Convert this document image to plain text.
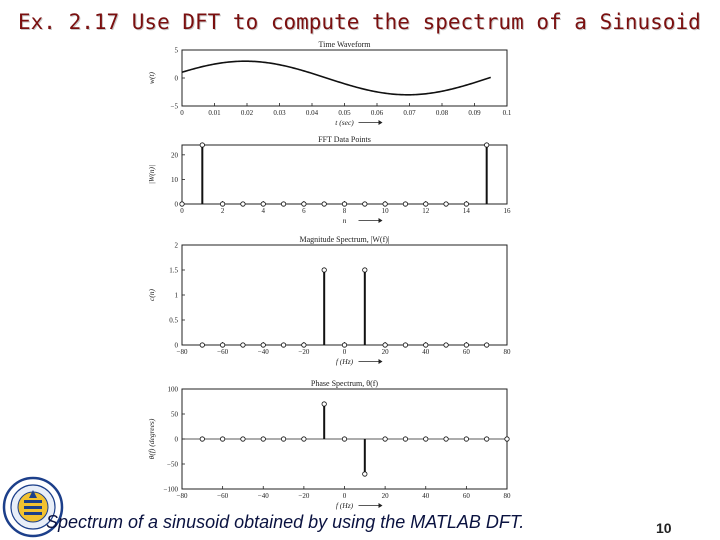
Ex. 2.17 Use DFT to compute the spectrum of a Sinusoid
Time Waveform
0	0.01	0.02	0.03	0.04	0.05	0.06	0.07	0.08	0.09	0.1
5
0
−5
t (sec)
w(t)
FFT Data Points
0	2	4	6	8	10	12	14	16
20
10
0
n
|W(n)|
Magnitude Spectrum, |W(f)|
−80	−60	−40	−20	0	20	40	60	80
2
1.5
1
0.5
0
f (Hz)
c(n)
Phase Spectrum, θ(f)
−80	−60	−40	−20	0	20	40	60	80
100
50
0
−50
−100
f (Hz)
θ(f) (degrees)

Spectrum of a sinusoid obtained by using the MATLAB DFT.	10
